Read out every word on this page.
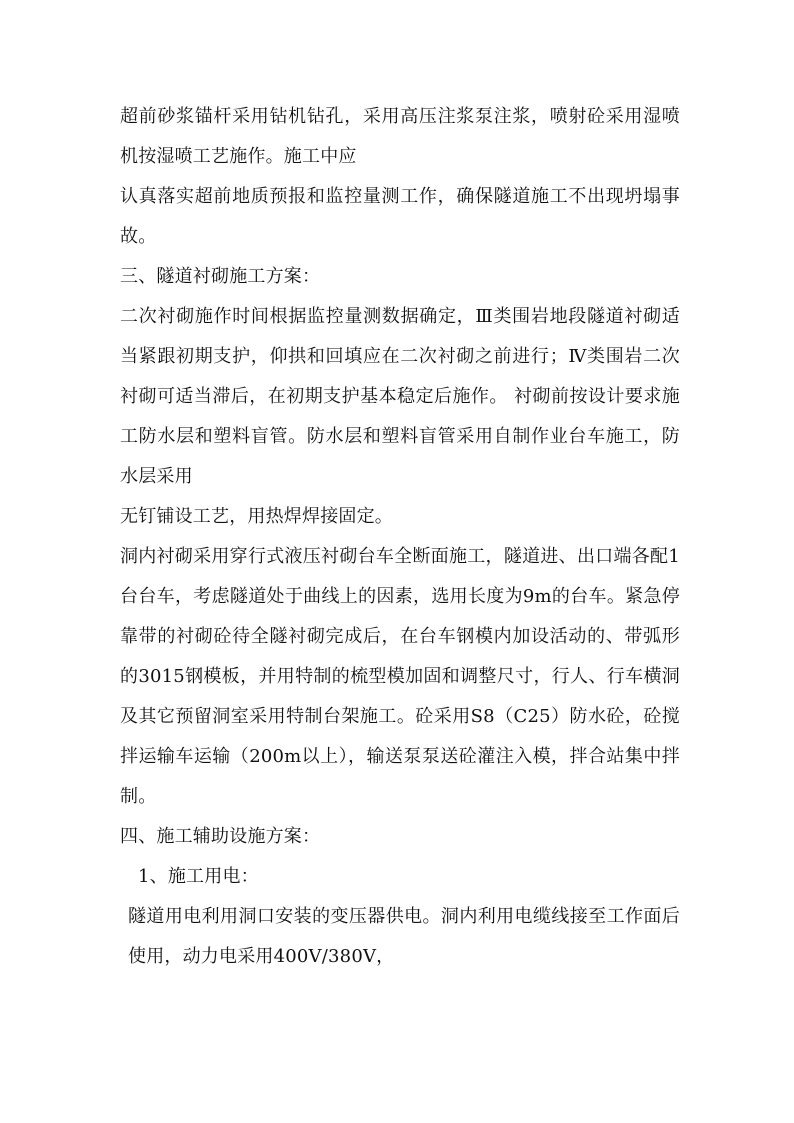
超前砂浆锚杆采用钻机钻孔，采用高压注浆泵注浆，喷射砼采用湿喷机按湿喷工艺施作。施工中应

认真落实超前地质预报和监控量测工作，确保隧道施工不出现坍塌事故。

三、隧道衬砌施工方案：

二次衬砌施作时间根据监控量测数据确定，Ⅲ类围岩地段隧道衬砌适当紧跟初期支护，仰拱和回填应在二次衬砌之前进行；Ⅳ类围岩二次衬砌可适当滞后，在初期支护基本稳定后施作。 衬砌前按设计要求施工防水层和塑料盲管。防水层和塑料盲管采用自制作业台车施工，防水层采用

无钉铺设工艺，用热焊焊接固定。

洞内衬砌采用穿行式液压衬砌台车全断面施工，隧道进、出口端各配1台台车，考虑隧道处于曲线上的因素，选用长度为9m的台车。紧急停靠带的衬砌砼待全隧衬砌完成后，在台车钢模内加设活动的、带弧形的3015钢模板，并用特制的梳型模加固和调整尺寸，行人、行车横洞及其它预留洞室采用特制台架施工。砼采用S8（C25）防水砼，砼搅拌运输车运输（200m以上），输送泵泵送砼灌注入模，拌合站集中拌制。

四、施工辅助设施方案：

1、施工用电：

隧道用电利用洞口安装的变压器供电。洞内利用电缆线接至工作面后使用，动力电采用400V/380V，
